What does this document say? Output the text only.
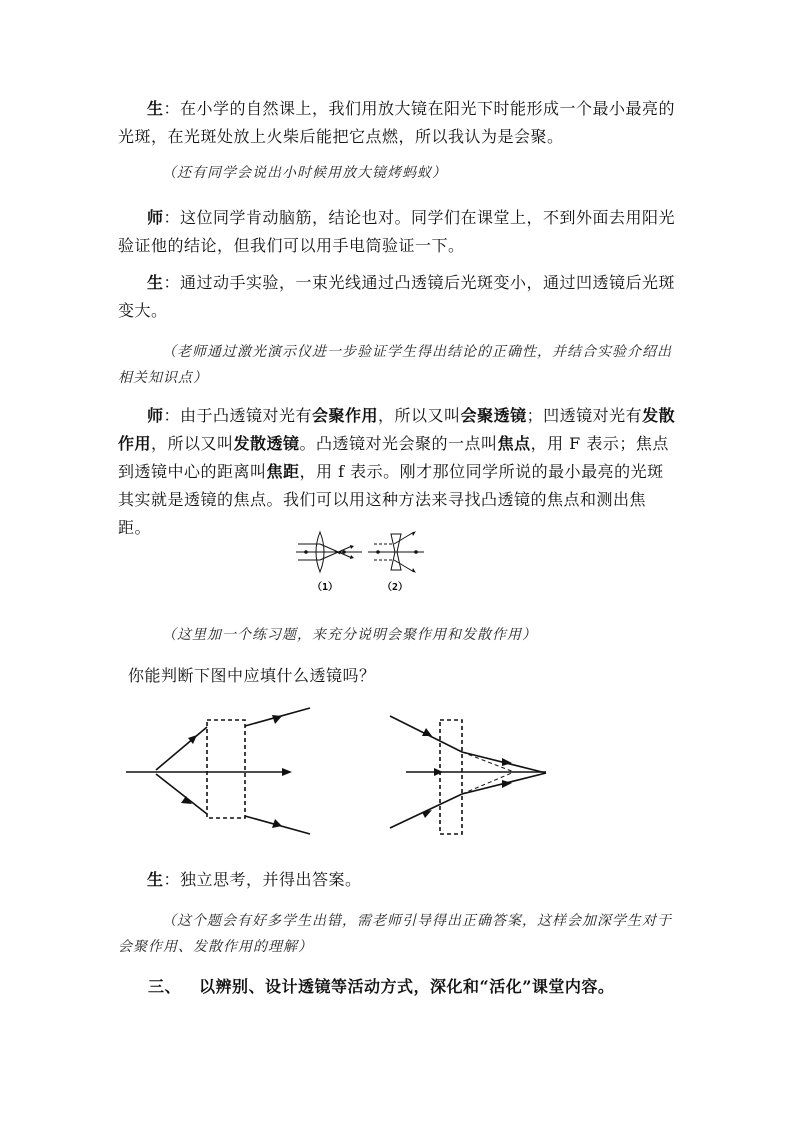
生：在小学的自然课上，我们用放大镜在阳光下时能形成一个最小最亮的光斑，在光斑处放上火柴后能把它点燃，所以我认为是会聚。

（还有同学会说出小时候用放大镜烤蚂蚁）

师：这位同学肯动脑筋，结论也对。同学们在课堂上，不到外面去用阳光验证他的结论，但我们可以用手电筒验证一下。

生：通过动手实验，一束光线通过凸透镜后光斑变小，通过凹透镜后光斑变大。

（老师通过激光演示仪进一步验证学生得出结论的正确性，并结合实验介绍出相关知识点）

师：由于凸透镜对光有会聚作用，所以又叫会聚透镜；凹透镜对光有发散作用，所以又叫发散透镜。凸透镜对光会聚的一点叫焦点，用 F 表示；焦点到透镜中心的距离叫焦距，用 f 表示。刚才那位同学所说的最小最亮的光斑其实就是透镜的焦点。我们可以用这种方法来寻找凸透镜的焦点和测出焦距。

（1）	（2）

（这里加一个练习题，来充分说明会聚作用和发散作用）

你能判断下图中应填什么透镜吗？

生：独立思考，并得出答案。

（这个题会有好多学生出错，需老师引导得出正确答案，这样会加深学生对于会聚作用、发散作用的理解）

三、 以辨别、设计透镜等活动方式，深化和“活化”课堂内容。
